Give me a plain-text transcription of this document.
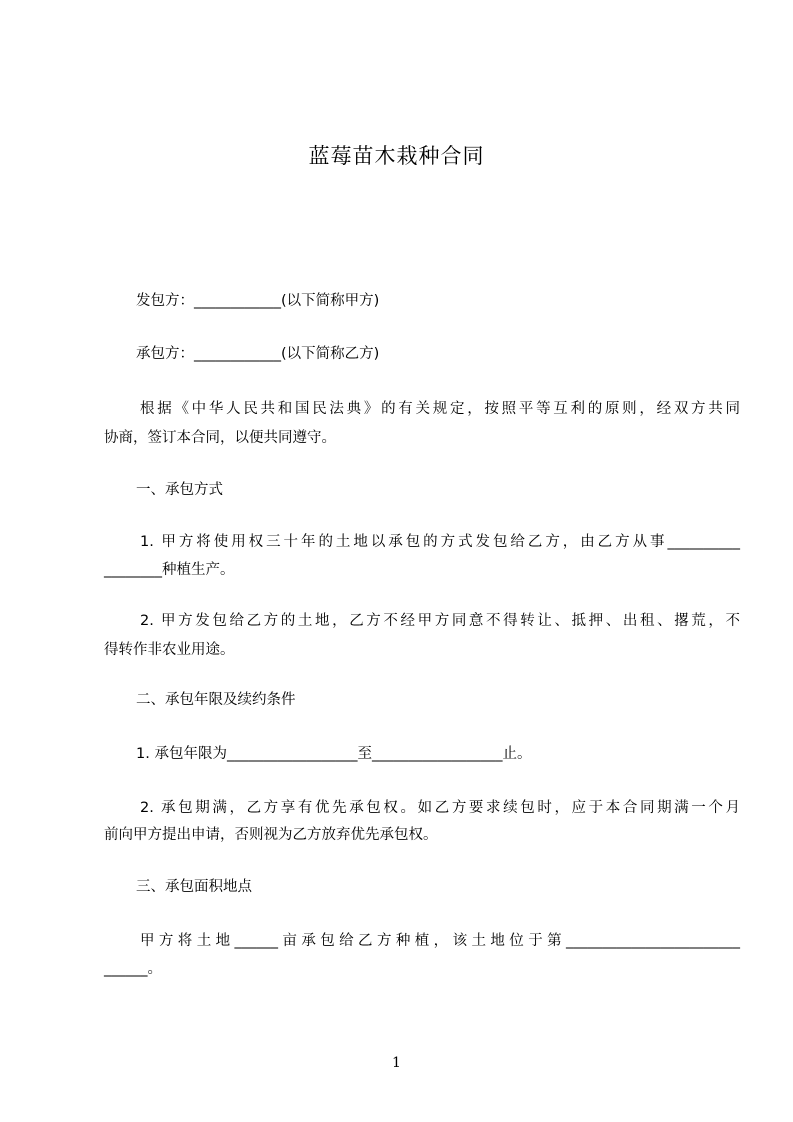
蓝莓苗木栽种合同
发包方：____________(以下简称甲方)
承包方：____________(以下简称乙方)
根据《中华人民共和国民法典》的有关规定，按照平等互利的原则，经双方共同
协商，签订本合同，以便共同遵守。
一、承包方式
1. 甲方将使用权三十年的土地以承包的方式发包给乙方，由乙方从事__________
________种植生产。
2. 甲方发包给乙方的土地，乙方不经甲方同意不得转让、抵押、出租、撂荒，不
得转作非农业用途。
二、承包年限及续约条件
1. 承包年限为__________________至__________________止。
2. 承包期满，乙方享有优先承包权。如乙方要求续包时，应于本合同期满一个月
前向甲方提出申请，否则视为乙方放弃优先承包权。
三、承包面积地点
甲方将土地______亩承包给乙方种植，该土地位于第________________________
______。
1
